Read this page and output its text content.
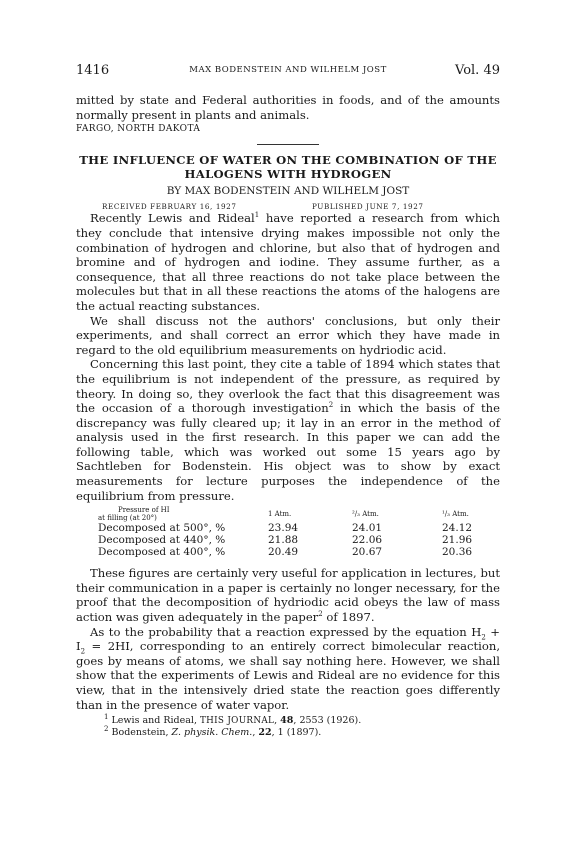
1416	MAX BODENSTEIN AND WILHELM JOST	Vol. 49

mitted by state and Federal authorities in foods, and of the amounts normally present in plants and animals.

FARGO, NORTH DAKOTA

THE INFLUENCE OF WATER ON THE COMBINATION OF THE
HALOGENS WITH HYDROGEN
BY MAX BODENSTEIN AND WILHELM JOST
RECEIVED FEBRUARY 16, 1927	PUBLISHED JUNE 7, 1927

Recently Lewis and Rideal$^1$ have reported a research from which they conclude that intensive drying makes impossible not only the combination of hydrogen and chlorine, but also that of hydrogen and bromine and of hydrogen and iodine. They assume further, as a consequence, that all three reactions do not take place between the molecules but that in all these reactions the atoms of the halogens are the actual reacting substances.

We shall discuss not the authors' conclusions, but only their experiments, and shall correct an error which they have made in regard to the old equilibrium measurements on hydriodic acid.

Concerning this last point, they cite a table of 1894 which states that the equilibrium is not independent of the pressure, as required by theory. In doing so, they overlook the fact that this disagreement was the occasion of a thorough investigation$^2$ in which the basis of the discrepancy was fully cleared up; it lay in an error in the method of analysis used in the first research. In this paper we can add the following table, which was worked out some 15 years ago by Sachtleben for Bodenstein. His object was to show by exact measurements for lecture purposes the independence of the equilibrium from pressure.

Pressure of HI
at filling (at 20°)	1 Atm.	²/₃ Atm.	¹/₃ Atm.
Decomposed at 500°, %	23.94	24.01	24.12
Decomposed at 440°, %	21.88	22.06	21.96
Decomposed at 400°, %	20.49	20.67	20.36

These figures are certainly very useful for application in lectures, but their communication in a paper is certainly no longer necessary, for the proof that the decomposition of hydriodic acid obeys the law of mass action was given adequately in the paper$^2$ of 1897.

As to the probability that a reaction expressed by the equation $H_2 + I_2 = 2HI$, corresponding to an entirely correct bimolecular reaction, goes by means of atoms, we shall say nothing here. However, we shall show that the experiments of Lewis and Rideal are no evidence for this view, that in the intensively dried state the reaction goes differently than in the presence of water vapor.

$^1$ Lewis and Rideal, THIS JOURNAL, 48, 2553 (1926).
$^2$ Bodenstein, Z. physik. Chem., 22, 1 (1897).
